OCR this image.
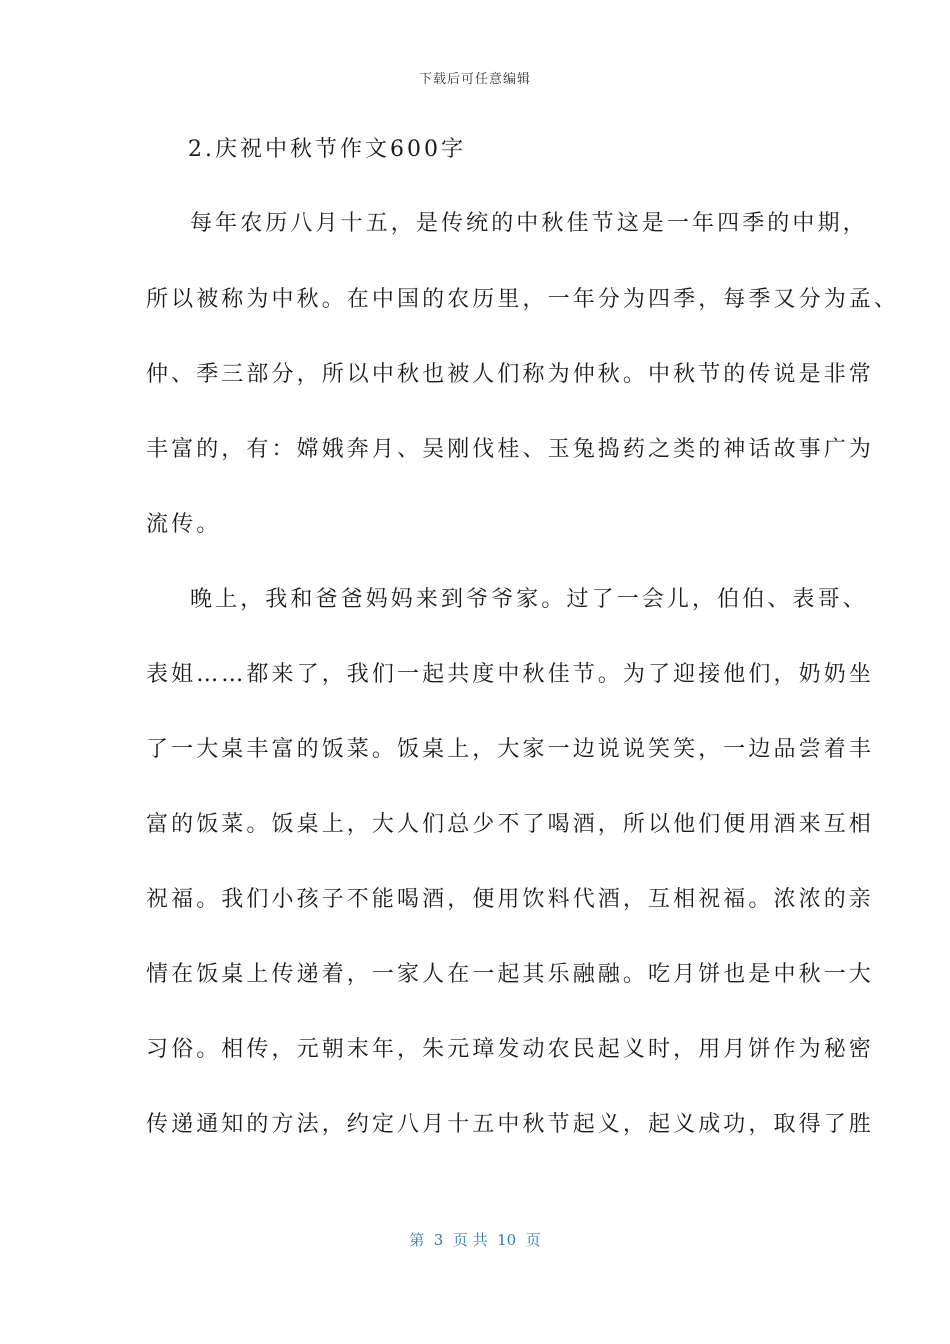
下载后可任意编辑
2.庆祝中秋节作文600字
每年农历八月十五，是传统的中秋佳节这是一年四季的中期，
所以被称为中秋。在中国的农历里，一年分为四季，每季又分为孟、
仲、季三部分，所以中秋也被人们称为仲秋。中秋节的传说是非常
丰富的，有：嫦娥奔月、吴刚伐桂、玉兔捣药之类的神话故事广为
流传。
晚上，我和爸爸妈妈来到爷爷家。过了一会儿，伯伯、表哥、
表姐……都来了，我们一起共度中秋佳节。为了迎接他们，奶奶坐
了一大桌丰富的饭菜。饭桌上，大家一边说说笑笑，一边品尝着丰
富的饭菜。饭桌上，大人们总少不了喝酒，所以他们便用酒来互相
祝福。我们小孩子不能喝酒，便用饮料代酒，互相祝福。浓浓的亲
情在饭桌上传递着，一家人在一起其乐融融。吃月饼也是中秋一大
习俗。相传，元朝末年，朱元璋发动农民起义时，用月饼作为秘密
传递通知的方法，约定八月十五中秋节起义，起义成功，取得了胜
第  3  页 共  10  页
